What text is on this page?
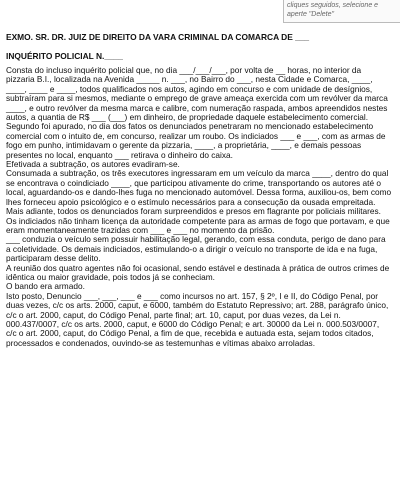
cliques seguidos, selecione e
aperte "Delete"
EXMO. SR. DR. JUIZ DE DIREITO DA VARA CRIMINAL DA COMARCA DE ___
INQUÉRITO POLICIAL N.____

Consta do incluso inquérito policial que, no dia ___/___/___, por volta de __ horas, no interior da pizzaria B.I., localizada na Avenida _____ n. ___, no Bairro do ___, nesta Cidade e Comarca, ____, ____, ____ e ____, todos qualificados nos autos, agindo em concurso e com unidade de desígnios, subtraíram para si mesmos, mediante o emprego de grave ameaça exercida com um revólver da marca ____, e outro revólver da mesma marca e calibre, com numeração raspada, ambos apreendidos nestes autos, a quantia de R$ ___ (___) em dinheiro, de propriedade daquele estabelecimento comercial.

Segundo foi apurado, no dia dos fatos os denunciados penetraram no mencionado estabelecimento comercial com o intuito de, em concurso, realizar um roubo. Os indiciados ___ e ___, com as armas de fogo em punho, intimidavam o gerente da pizzaria, ____, a proprietária, ____, e demais pessoas presentes no local, enquanto ___ retirava o dinheiro do caixa.

Efetivada a subtração, os autores evadiram-se.

Consumada a subtração, os três executores ingressaram em um veículo da marca ____, dentro do qual se encontrava o coindiciado ____, que participou ativamente do crime, transportando os autores até o local, aguardando-os e dando-lhes fuga no mencionado automóvel. Dessa forma, auxiliou-os, bem como lhes forneceu apoio psicológico e o estímulo necessários para a consecução da ousada empreitada.

Mais adiante, todos os denunciados foram surpreendidos e presos em flagrante por policiais militares.

Os indiciados não tinham licença da autoridade competente para as armas de fogo que portavam, e que eram momentaneamente trazidas com ___ e ___ no momento da prisão.

___ conduzia o veículo sem possuir habilitação legal, gerando, com essa conduta, perigo de dano para a coletividade. Os demais indiciados, estimulando-o a dirigir o veículo no transporte de ida e na fuga, participaram desse delito.

A reunião dos quatro agentes não foi ocasional, sendo estável e destinada à prática de outros crimes de idêntica ou maior gravidade, pois todos já se conheciam.

O bando era armado.

Isto posto, Denuncio ___, ___, ___ e ___ como incursos no art. 157, § 2º, I e II, do Código Penal, por duas vezes, c/c os arts. 2000, caput, e 6000, também do Estatuto Repressivo; art. 288, parágrafo único, c/c o art. 2000, caput, do Código Penal, parte final; art. 10, caput, por duas vezes, da Lei n. 000.437/0007, c/c os arts. 2000, caput, e 6000 do Código Penal; e art. 30000 da Lei n. 000.503/0007, c/c o art. 2000, caput, do Código Penal, a fim de que, recebida e autuada esta, sejam todos citados, processados e condenados, ouvindo-se as testemunhas e vítimas abaixo arroladas.
